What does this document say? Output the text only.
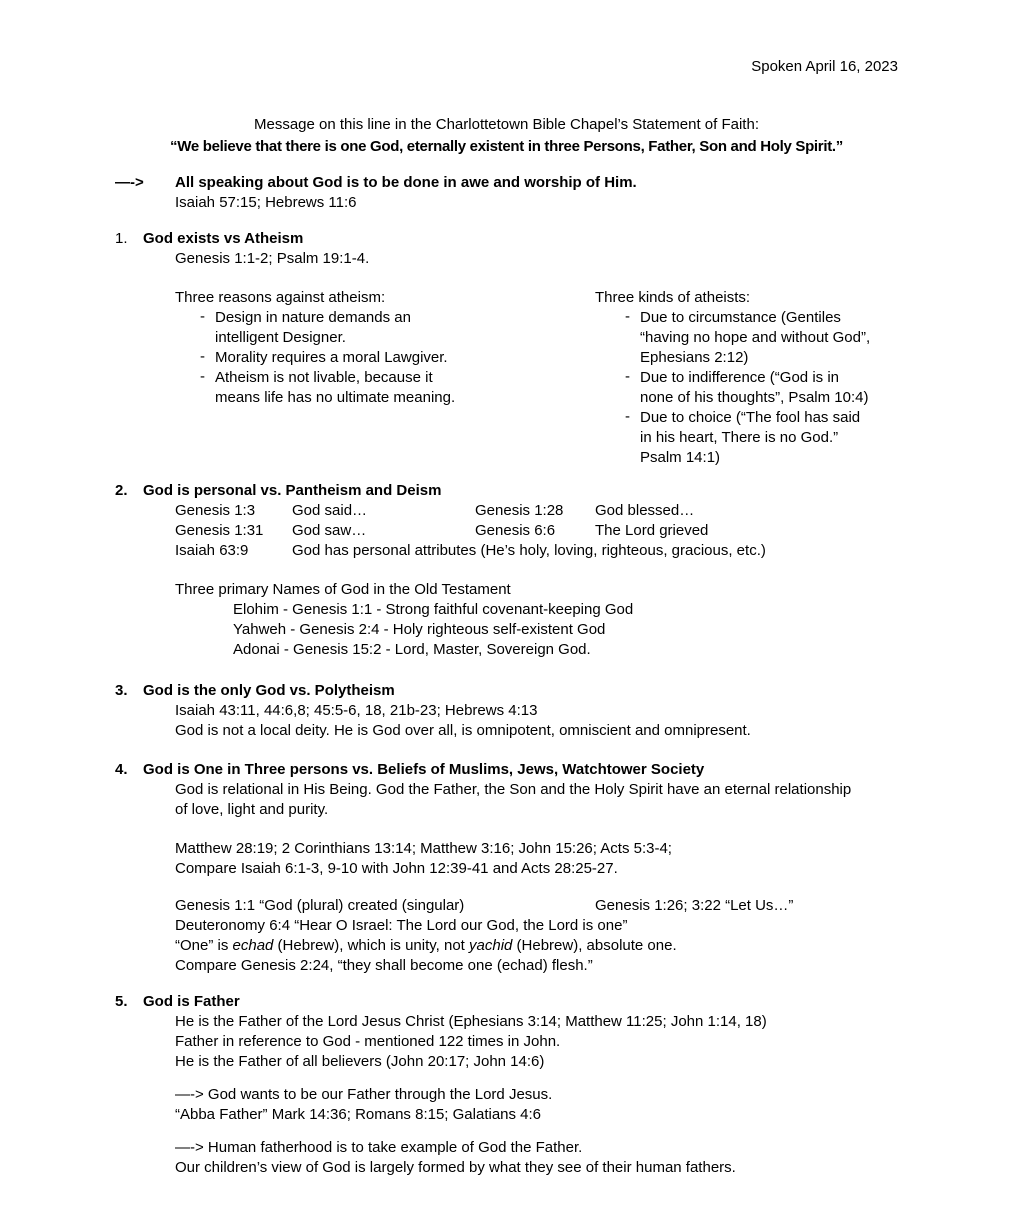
Spoken April 16, 2023
Message on this line in the Charlottetown Bible Chapel’s Statement of Faith:
“We believe that there is one God, eternally existent in three Persons, Father, Son and Holy Spirit.”
—->	All speaking about God is to be done in awe and worship of Him.
Isaiah 57:15; Hebrews 11:6
1.	God exists vs Atheism
Genesis 1:1-2; Psalm 19:1-4.
Three reasons against atheism:
- Design in nature demands an intelligent Designer.
- Morality requires a moral Lawgiver.
- Atheism is not livable, because it means life has no ultimate meaning.
Three kinds of atheists:
- Due to circumstance (Gentiles “having no hope and without God”, Ephesians 2:12)
- Due to indifference (“God is in none of his thoughts”, Psalm 10:4)
- Due to choice (“The fool has said in his heart, There is no God.” Psalm 14:1)
2.	God is personal vs. Pantheism and Deism
Genesis 1:3	God said…	Genesis 1:28	God blessed…
Genesis 1:31	God saw…	Genesis 6:6	The Lord grieved
Isaiah 63:9	God has personal attributes (He’s holy, loving, righteous, gracious, etc.)
Three primary Names of God in the Old Testament
Elohim - Genesis 1:1 - Strong faithful covenant-keeping God
Yahweh - Genesis 2:4 - Holy righteous self-existent God
Adonai - Genesis 15:2 - Lord, Master, Sovereign God.
3.	God is the only God vs. Polytheism
Isaiah 43:11, 44:6,8; 45:5-6, 18, 21b-23; Hebrews 4:13
God is not a local deity. He is God over all, is omnipotent, omniscient and omnipresent.
4.	God is One in Three persons vs. Beliefs of Muslims, Jews, Watchtower Society
God is relational in His Being. God the Father, the Son and the Holy Spirit have an eternal relationship of love, light and purity.
Matthew 28:19; 2 Corinthians 13:14; Matthew 3:16; John 15:26; Acts 5:3-4;
Compare Isaiah 6:1-3, 9-10 with John 12:39-41 and Acts 28:25-27.
Genesis 1:1 “God (plural) created (singular)	Genesis 1:26; 3:22 “Let Us…”
Deuteronomy 6:4 “Hear O Israel: The Lord our God, the Lord is one”
“One” is echad (Hebrew), which is unity, not yachid (Hebrew), absolute one.
Compare Genesis 2:24, “they shall become one (echad) flesh.”
5.	God is Father
He is the Father of the Lord Jesus Christ (Ephesians 3:14; Matthew 11:25; John 1:14, 18)
Father in reference to God - mentioned 122 times in John.
He is the Father of all believers (John 20:17; John 14:6)
—-> God wants to be our Father through the Lord Jesus.
“Abba Father” Mark 14:36; Romans 8:15; Galatians 4:6
—-> Human fatherhood is to take example of God the Father.
Our children’s view of God is largely formed by what they see of their human fathers.
